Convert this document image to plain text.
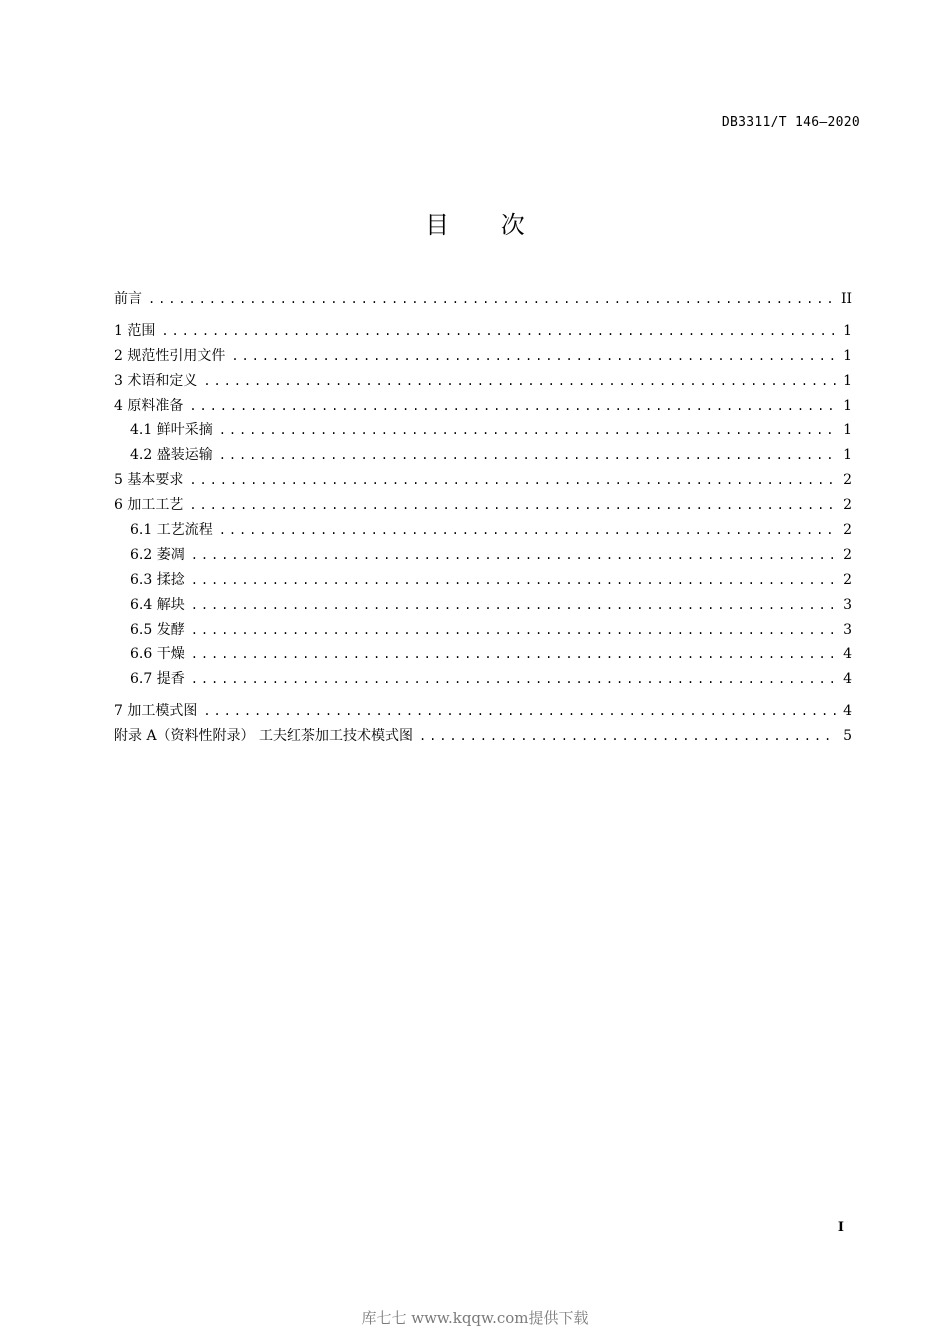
DB3311/T 146—2020
目 次
前言 .....	II
1 范围 .....	1
2 规范性引用文件 .....	1
3 术语和定义 .....	1
4 原料准备 .....	1
4.1 鲜叶采摘 .....	1
4.2 盛装运输 .....	1
5 基本要求 .....	2
6 加工工艺 .....	2
6.1 工艺流程 .....	2
6.2 萎凋 .....	2
6.3 揉捻 .....	2
6.4 解块 .....	3
6.5 发酵 .....	3
6.6 干燥 .....	4
6.7 提香 .....	4
7 加工模式图 .....	4
附录 A（资料性附录） 工夫红茶加工技术模式图 .....	5
I
库七七 www.kqqw.com提供下载
